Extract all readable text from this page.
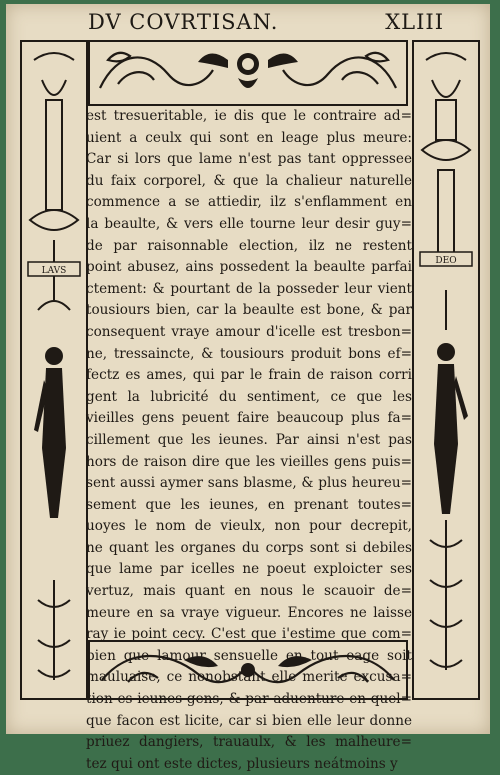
DV COVRTISAN.	XLIII
LAVS
DEO
est tresueritable, ie dis que le contraire ad=
uient a ceulx qui sont en leage plus meure:
Car si lors que lame n'est pas tant oppressee
du faix corporel, & que la chalieur naturelle
commence a se attiedir, ilz s'enflamment en
la beaulte, & vers elle tourne leur desir guy=
de par raisonnable election, ilz ne restent
point abusez, ains possedent la beaulte parfai
ctement: & pourtant de la posseder leur vient
tousiours bien, car la beaulte est bone, & par
consequent vraye amour d'icelle est tresbon=
ne, tressaincte, & tousiours produit bons ef=
fectz es ames, qui par le frain de raison corri
gent la lubricité du sentiment, ce que les
vieilles gens peuent faire beaucoup plus fa=
cillement que les ieunes. Par ainsi n'est pas
hors de raison dire que les vieilles gens puis=
sent aussi aymer sans blasme, & plus heureu=
sement que les ieunes, en prenant toutes=
uoyes le nom de vieulx, non pour decrepit,
ne quant les organes du corps sont si debiles
que lame par icelles ne poeut exploicter ses
vertuz, mais quant en nous le scauoir de=
meure en sa vraye vigueur. Encores ne laisse
ray ie point cecy. C'est que i'estime que com=
bien que lamour sensuelle en tout eage soit
mauluaise, ce nonobstant elle merite excusa=
tion es ieunes gens, & par aduenture en quel=
que facon est licite, car si bien elle leur donne
priuez dangiers, trauaulx, & les malheure=
tez qui ont este dictes, plusieurs neátmoins y
